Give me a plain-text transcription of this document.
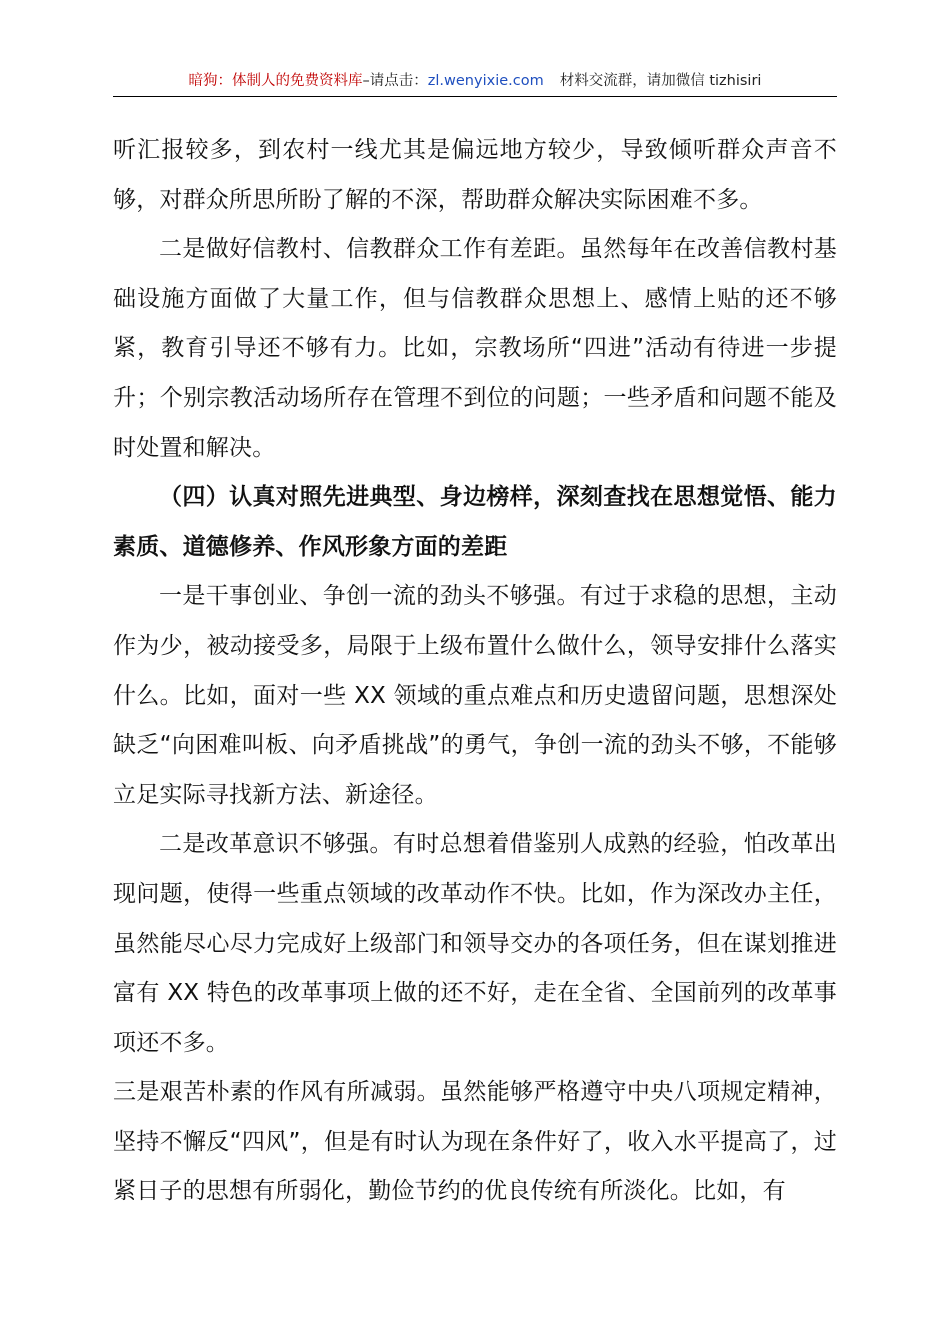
暗狗：体制人的免费资料库–请点击：zl.wenyixie.com 材料交流群，请加微信 tizhisiri

听汇报较多，到农村一线尤其是偏远地方较少，导致倾听群众声音不够，对群众所思所盼了解的不深，帮助群众解决实际困难不多。

二是做好信教村、信教群众工作有差距。虽然每年在改善信教村基础设施方面做了大量工作，但与信教群众思想上、感情上贴的还不够紧，教育引导还不够有力。比如，宗教场所“四进”活动有待进一步提升；个别宗教活动场所存在管理不到位的问题；一些矛盾和问题不能及时处置和解决。

（四）认真对照先进典型、身边榜样，深刻查找在思想觉悟、能力素质、道德修养、作风形象方面的差距

一是干事创业、争创一流的劲头不够强。有过于求稳的思想，主动作为少，被动接受多，局限于上级布置什么做什么，领导安排什么落实什么。比如，面对一些 XX 领域的重点难点和历史遗留问题，思想深处缺乏“向困难叫板、向矛盾挑战”的勇气，争创一流的劲头不够，不能够立足实际寻找新方法、新途径。

二是改革意识不够强。有时总想着借鉴别人成熟的经验，怕改革出现问题，使得一些重点领域的改革动作不快。比如，作为深改办主任，虽然能尽心尽力完成好上级部门和领导交办的各项任务，但在谋划推进富有 XX 特色的改革事项上做的还不好，走在全省、全国前列的改革事项还不多。

三是艰苦朴素的作风有所减弱。虽然能够严格遵守中央八项规定精神，坚持不懈反“四风”，但是有时认为现在条件好了，收入水平提高了，过紧日子的思想有所弱化，勤俭节约的优良传统有所淡化。比如，有
